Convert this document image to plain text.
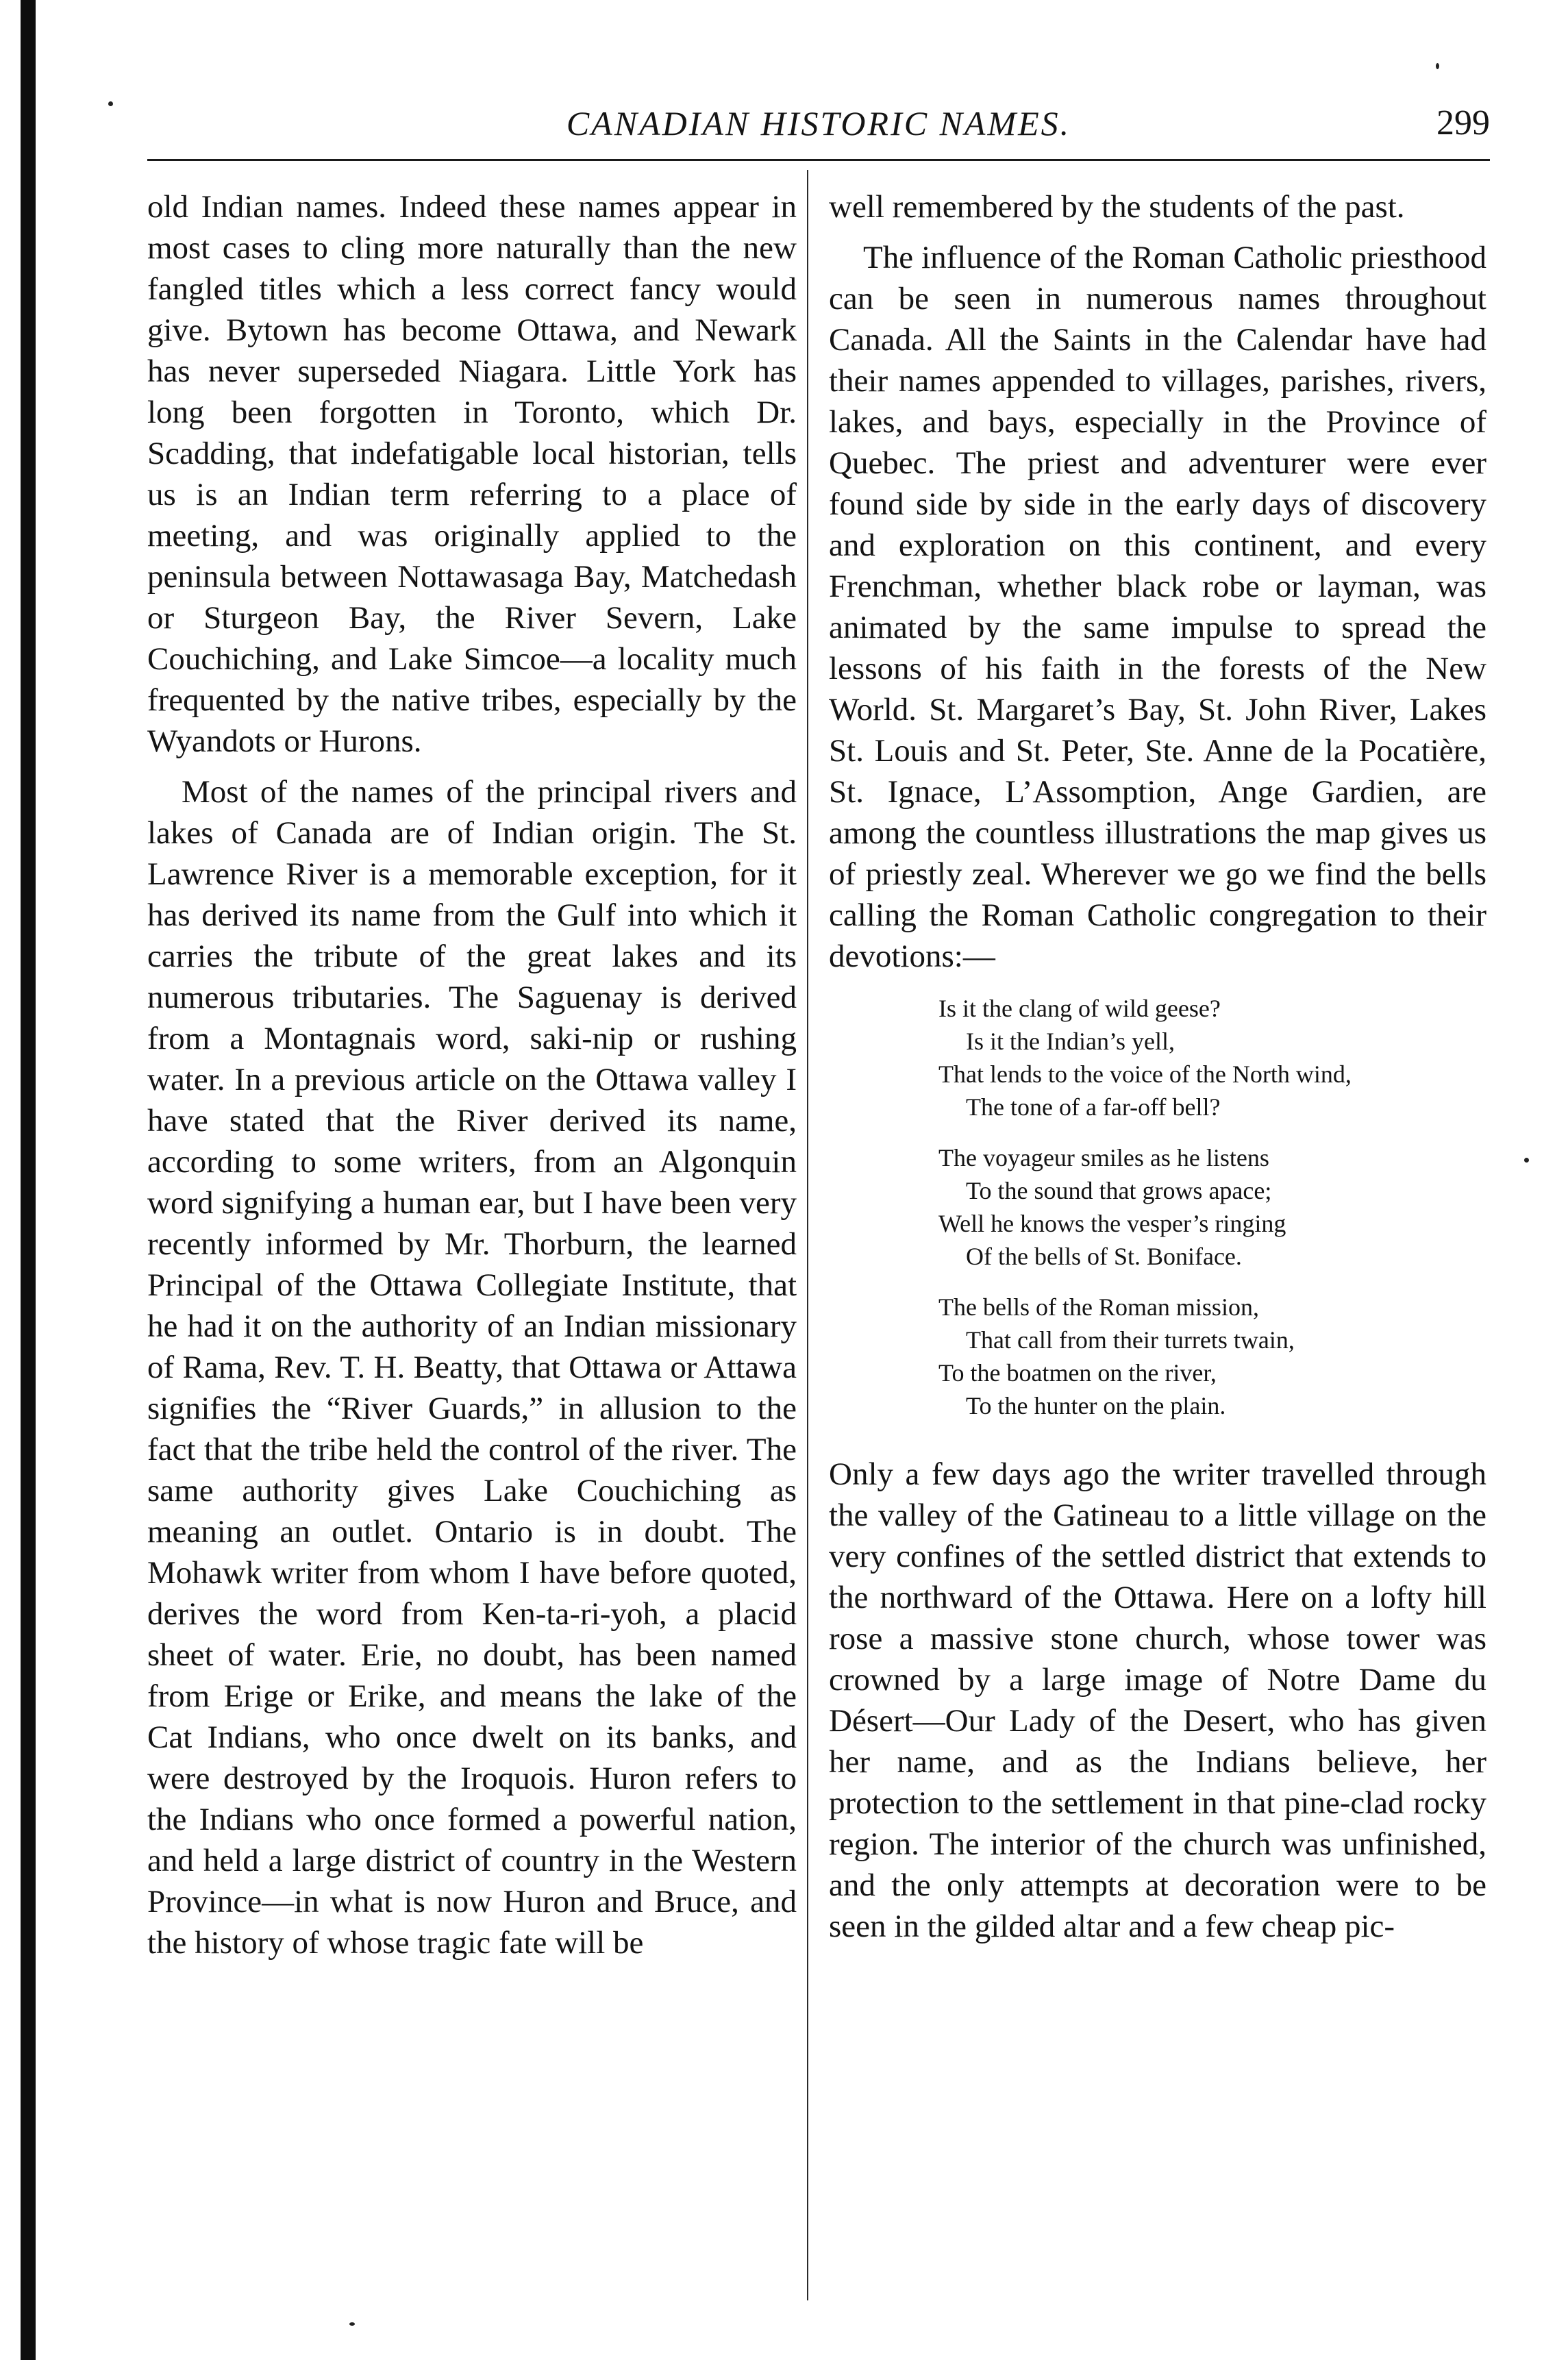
CANADIAN HISTORIC NAMES.	299

old Indian names. Indeed these names appear in most cases to cling more naturally than the new fangled titles which a less correct fancy would give. Bytown has become Ottawa, and Newark has never superseded Niagara. Little York has long been forgotten in Toronto, which Dr. Scadding, that indefatigable local historian, tells us is an Indian term referring to a place of meeting, and was originally applied to the peninsula between Nottawasaga Bay, Matchedash or Sturgeon Bay, the River Severn, Lake Couchiching, and Lake Simcoe—a locality much frequented by the native tribes, especially by the Wyandots or Hurons.

Most of the names of the principal rivers and lakes of Canada are of Indian origin. The St. Lawrence River is a memorable exception, for it has derived its name from the Gulf into which it carries the tribute of the great lakes and its numerous tributaries. The Saguenay is derived from a Montagnais word, saki-nip or rushing water. In a previous article on the Ottawa valley I have stated that the River derived its name, according to some writers, from an Algonquin word signifying a human ear, but I have been very recently informed by Mr. Thorburn, the learned Principal of the Ottawa Collegiate Institute, that he had it on the authority of an Indian missionary of Rama, Rev. T. H. Beatty, that Ottawa or Attawa signifies the “River Guards,” in allusion to the fact that the tribe held the control of the river. The same authority gives Lake Couchiching as meaning an outlet. Ontario is in doubt. The Mohawk writer from whom I have before quoted, derives the word from Ken-ta-ri-yoh, a placid sheet of water. Erie, no doubt, has been named from Erige or Erike, and means the lake of the Cat Indians, who once dwelt on its banks, and were destroyed by the Iroquois. Huron refers to the Indians who once formed a powerful nation, and held a large district of country in the Western Province—in what is now Huron and Bruce, and the history of whose tragic fate will be

well remembered by the students of the past.

The influence of the Roman Catholic priesthood can be seen in numerous names throughout Canada. All the Saints in the Calendar have had their names appended to villages, parishes, rivers, lakes, and bays, especially in the Province of Quebec. The priest and adventurer were ever found side by side in the early days of discovery and exploration on this continent, and every Frenchman, whether black robe or layman, was animated by the same impulse to spread the lessons of his faith in the forests of the New World. St. Margaret’s Bay, St. John River, Lakes St. Louis and St. Peter, Ste. Anne de la Pocatière, St. Ignace, L’Assomption, Ange Gardien, are among the countless illustrations the map gives us of priestly zeal. Wherever we go we find the bells calling the Roman Catholic congregation to their devotions:—

Is it the clang of wild geese?
Is it the Indian’s yell,
That lends to the voice of the North wind,
The tone of a far-off bell?
The voyageur smiles as he listens
To the sound that grows apace;
Well he knows the vesper’s ringing
Of the bells of St. Boniface.
The bells of the Roman mission,
That call from their turrets twain,
To the boatmen on the river,
To the hunter on the plain.

Only a few days ago the writer travelled through the valley of the Gatineau to a little village on the very confines of the settled district that extends to the northward of the Ottawa. Here on a lofty hill rose a massive stone church, whose tower was crowned by a large image of Notre Dame du Désert—Our Lady of the Desert, who has given her name, and as the Indians believe, her protection to the settlement in that pine-clad rocky region. The interior of the church was unfinished, and the only attempts at decoration were to be seen in the gilded altar and a few cheap pic-
